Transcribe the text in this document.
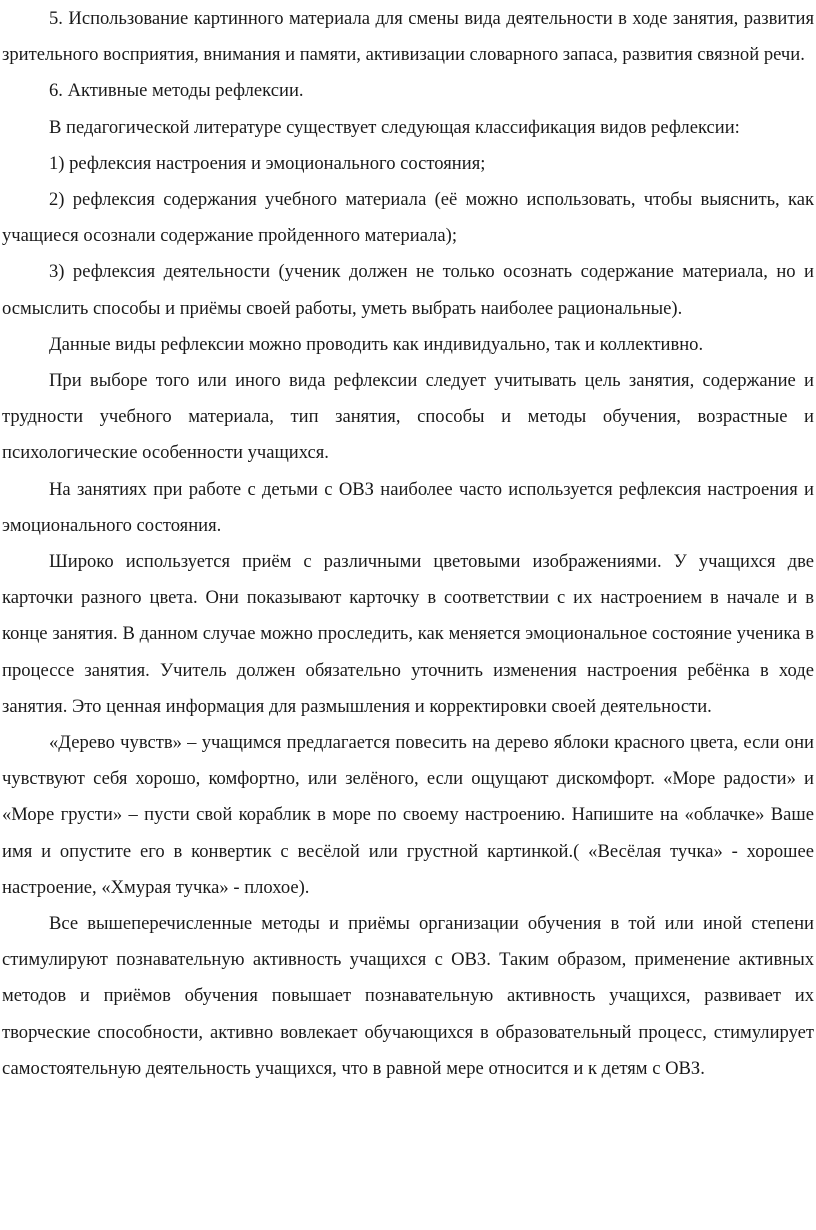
5. Использование картинного материала для смены вида деятельности в ходе занятия, развития зрительного восприятия, внимания и памяти, активизации словарного запаса, развития связной речи.

6. Активные методы рефлексии.

В педагогической литературе существует следующая классификация видов рефлексии:

1) рефлексия настроения и эмоционального состояния;

2) рефлексия содержания учебного материала (её можно использовать, чтобы выяснить, как учащиеся осознали содержание пройденного материала);

3) рефлексия деятельности (ученик должен не только осознать содержание материала, но и осмыслить способы и приёмы своей работы, уметь выбрать наиболее рациональные).

Данные виды рефлексии можно проводить как индивидуально, так и коллективно.

При выборе того или иного вида рефлексии следует учитывать цель занятия, содержание и трудности учебного материала, тип занятия, способы и методы обучения, возрастные и психологические особенности учащихся.

На занятиях при работе с детьми с ОВЗ наиболее часто используется рефлексия настроения и эмоционального состояния.

Широко используется приём с различными цветовыми изображениями. У учащихся две карточки разного цвета. Они показывают карточку в соответствии с их настроением в начале и в конце занятия. В данном случае можно проследить, как меняется эмоциональное состояние ученика в процессе занятия. Учитель должен обязательно уточнить изменения настроения ребёнка в ходе занятия. Это ценная информация для размышления и корректировки своей деятельности.

«Дерево чувств» – учащимся предлагается повесить на дерево яблоки красного цвета, если они чувствуют себя хорошо, комфортно, или зелёного, если ощущают дискомфорт. «Море радости» и «Море грусти» – пусти свой кораблик в море по своему настроению. Напишите на «облачке» Ваше имя и опустите его в конвертик с весёлой или грустной картинкой.( «Весёлая тучка» - хорошее настроение, «Хмурая тучка» - плохое).

Все вышеперечисленные методы и приёмы организации обучения в той или иной степени стимулируют познавательную активность учащихся с ОВЗ. Таким образом, применение активных методов и приёмов обучения повышает познавательную активность учащихся, развивает их творческие способности, активно вовлекает обучающихся в образовательный процесс, стимулирует самостоятельную деятельность учащихся, что в равной мере относится и к детям с ОВЗ.
